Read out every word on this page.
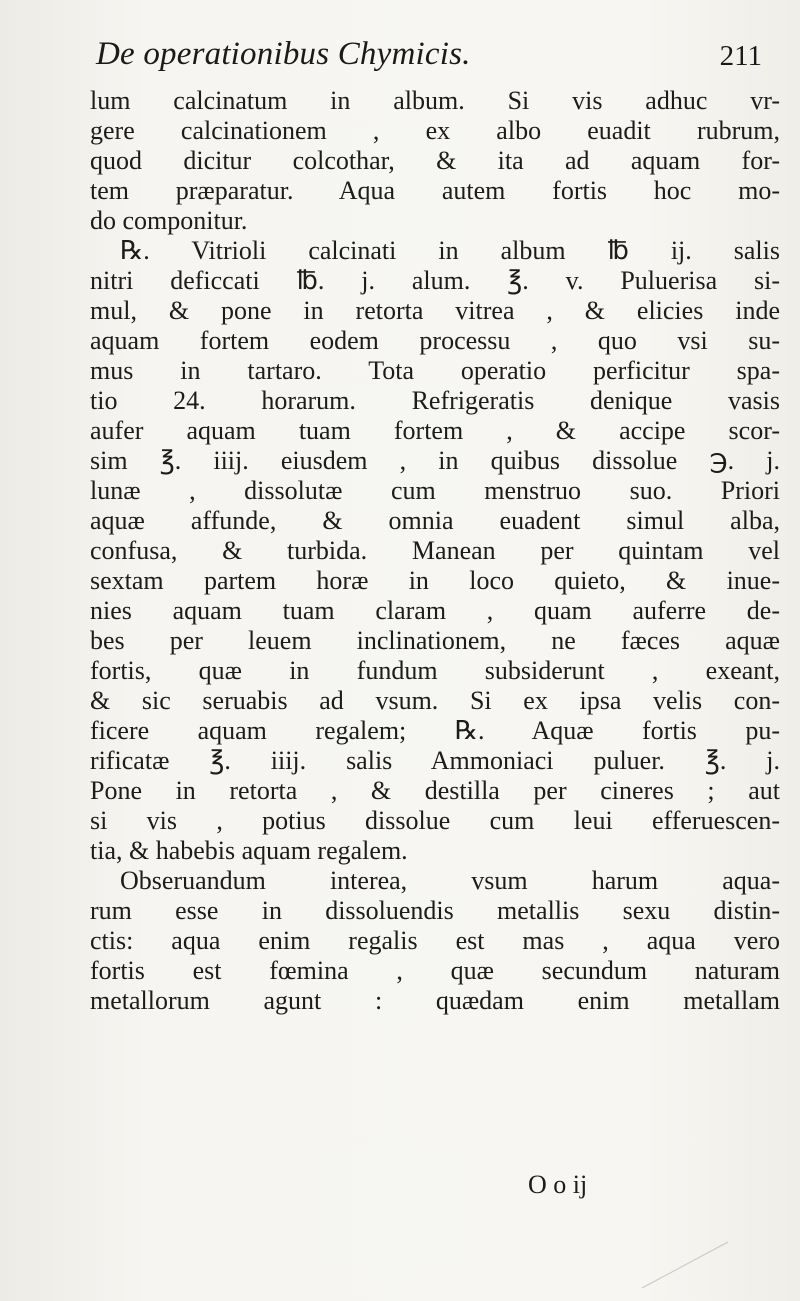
De operationibus Chymicis.	211
lum calcinatum in album. Si vis adhuc vr-
gere calcinationem , ex albo euadit rubrum,
quod dicitur colcothar, & ita ad aquam for-
tem præparatur. Aqua autem fortis hoc mo-
do componitur.
℞. Vitrioli calcinati in album ℔ ij. salis
nitri deficcati ℔. j. alum. ℥. v. Puluerisa si-
mul, & pone in retorta vitrea , & elicies inde
aquam fortem eodem processu , quo vsi su-
mus in tartaro. Tota operatio perficitur spa-
tio 24. horarum. Refrigeratis denique vasis
aufer aquam tuam fortem , & accipe scor-
sim ℥. iiij. eiusdem , in quibus dissolue ℈. j.
lunæ , dissolutæ cum menstruo suo. Priori
aquæ affunde, & omnia euadent simul alba,
confusa, & turbida. Manean per quintam vel
sextam partem horæ in loco quieto, & inue-
nies aquam tuam claram , quam auferre de-
bes per leuem inclinationem, ne fæces aquæ
fortis, quæ in fundum subsiderunt , exeant,
& sic seruabis ad vsum. Si ex ipsa velis con-
ficere aquam regalem; ℞. Aquæ fortis pu-
rificatæ ℥. iiij. salis Ammoniaci puluer. ℥. j.
Pone in retorta , & destilla per cineres ; aut
si vis , potius dissolue cum leui efferuescen-
tia, & habebis aquam regalem.
Obseruandum interea, vsum harum aqua-
rum esse in dissoluendis metallis sexu distin-
ctis: aqua enim regalis est mas , aqua vero
fortis est fœmina , quæ secundum naturam
metallorum agunt : quædam enim metallam
O o ij
